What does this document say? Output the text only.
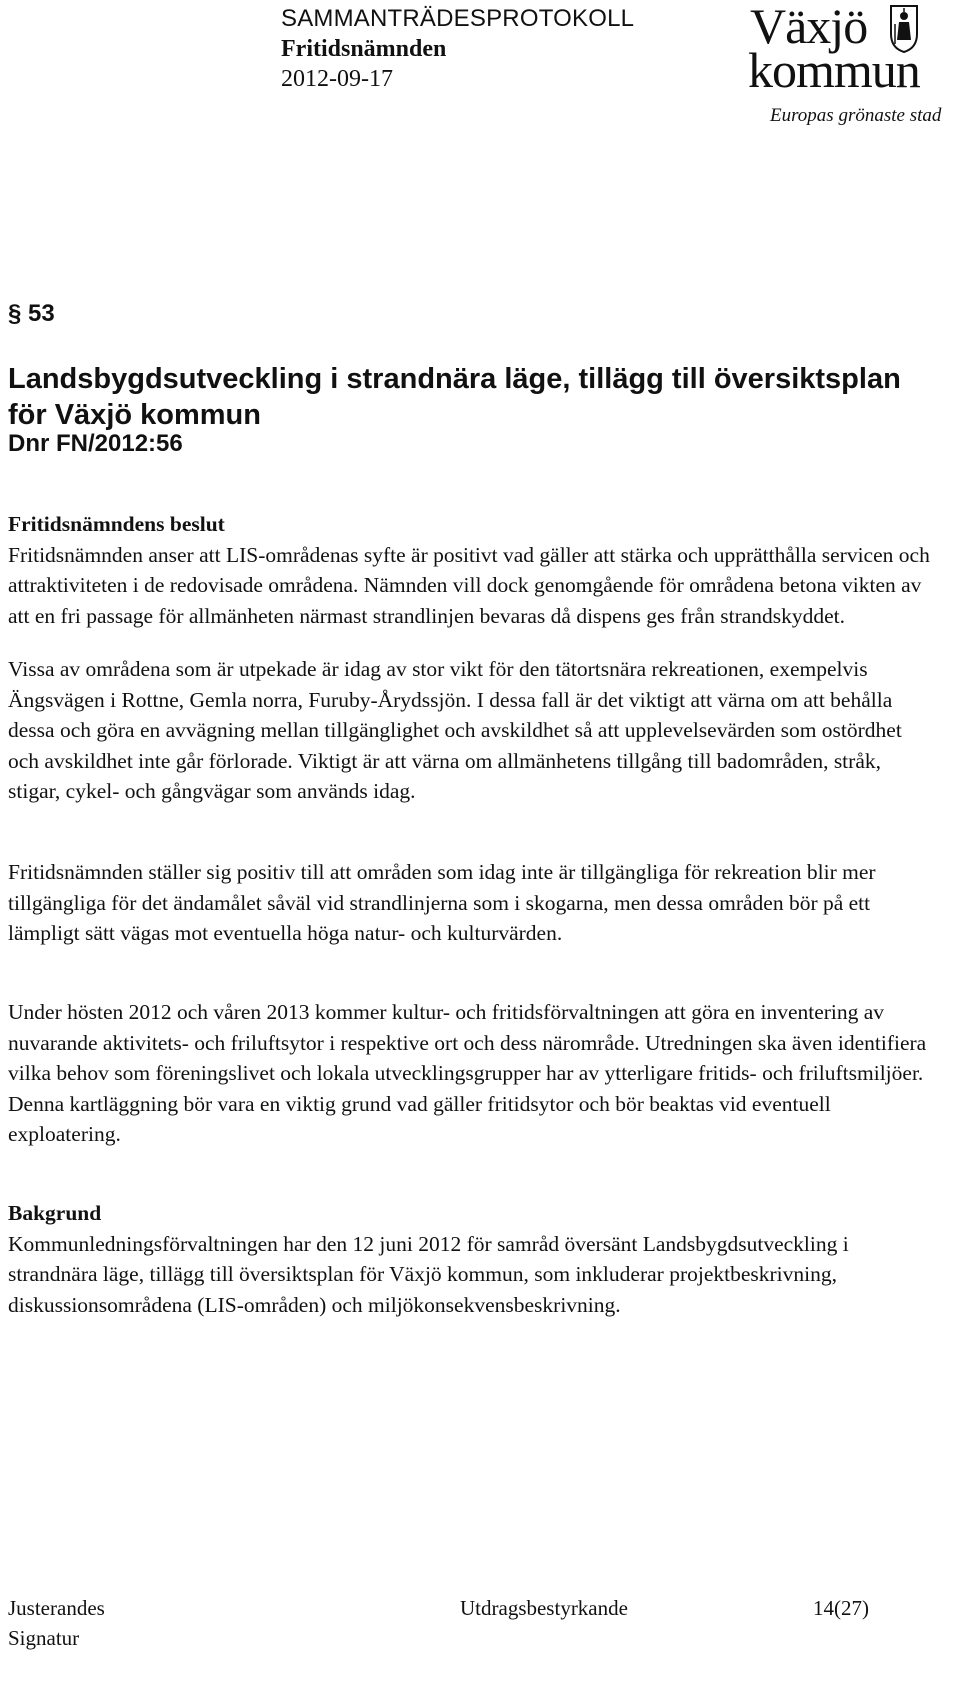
SAMMANTRÄDESPROTOKOLL
Fritidsnämnden
2012-09-17
Växjö
kommun
Europas grönaste stad
§ 53
Landsbygdsutveckling i strandnära läge, tillägg till översiktsplan för Växjö kommun
Dnr FN/2012:56
Fritidsnämndens beslut

Fritidsnämnden anser att LIS-områdenas syfte är positivt vad gäller att stärka och upprätthålla servicen och attraktiviteten i de redovisade områdena. Nämnden vill dock genomgående för områdena betona vikten av att en fri passage för allmänheten närmast strandlinjen bevaras då dispens ges från strandskyddet.

Vissa av områdena som är utpekade är idag av stor vikt för den tätortsnära rekreationen, exempelvis Ängsvägen i Rottne, Gemla norra, Furuby-Årydssjön. I dessa fall är det viktigt att värna om att behålla dessa och göra en avvägning mellan tillgänglighet och avskildhet så att upplevelsevärden som ostördhet och avskildhet inte går förlorade. Viktigt är att värna om allmänhetens tillgång till badområden, stråk, stigar, cykel- och gångvägar som används idag.

Fritidsnämnden ställer sig positiv till att områden som idag inte är tillgängliga för rekreation blir mer tillgängliga för det ändamålet såväl vid strandlinjerna som i skogarna, men dessa områden bör på ett lämpligt sätt vägas mot eventuella höga natur- och kulturvärden.

Under hösten 2012 och våren 2013 kommer kultur- och fritidsförvaltningen att göra en inventering av nuvarande aktivitets- och friluftsytor i respektive ort och dess närområde. Utredningen ska även identifiera vilka behov som föreningslivet och lokala utvecklingsgrupper har av ytterligare fritids- och friluftsmiljöer. Denna kartläggning bör vara en viktig grund vad gäller fritidsytor och bör beaktas vid eventuell exploatering.

Bakgrund

Kommunledningsförvaltningen har den 12 juni 2012 för samråd översänt Landsbygdsutveckling i strandnära läge, tillägg till översiktsplan för Växjö kommun, som inkluderar projektbeskrivning, diskussionsområdena (LIS-områden) och miljökonsekvensbeskrivning.

Justerandes
Signatur
Utdragsbestyrkande	14(27)
